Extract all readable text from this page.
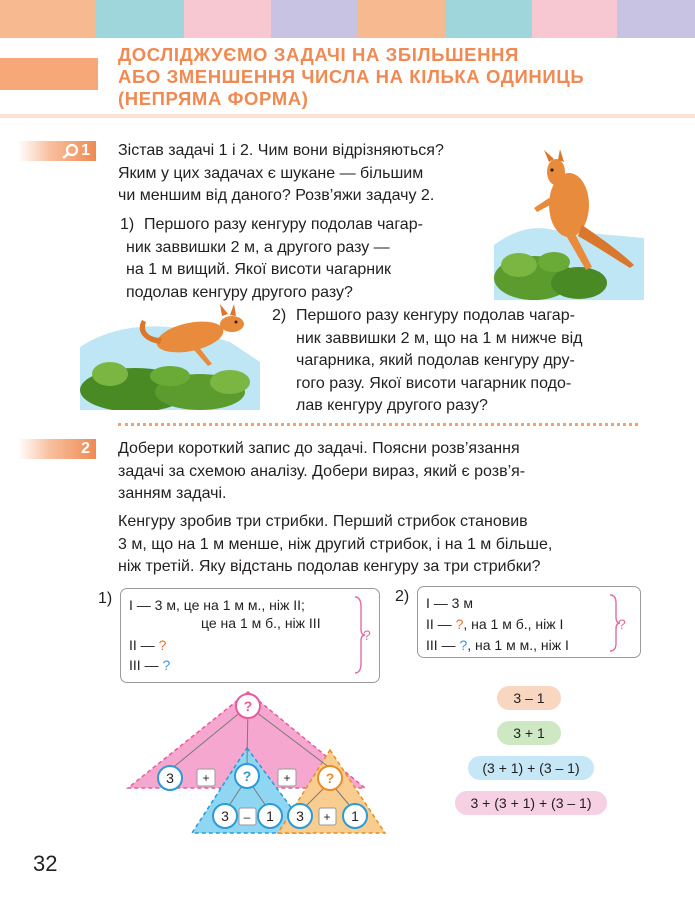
ДОСЛІДЖУЄМО ЗАДАЧІ НА ЗБІЛЬШЕННЯ
АБО ЗМЕНШЕННЯ ЧИСЛА НА КІЛЬКА ОДИНИЦЬ
(НЕПРЯМА ФОРМА)
1	Зістав задачі 1 і 2. Чим вони відрізняються?
Яким у цих задачах є шукане — більшим
чи меншим від даного? Розв’яжи задачу 2.
1) Першого разу кенгуру подолав чагар-
ник заввишки 2 м, а другого разу —
на 1 м вищий. Якої висоти чагарник
подолав кенгуру другого разу?
2) Першого разу кенгуру подолав чагар-
ник заввишки 2 м, що на 1 м нижче від
чагарника, який подолав кенгуру дру-
гого разу. Якої висоти чагарник подо-
лав кенгуру другого разу?
2	Добери короткий запис до задачі. Поясни розв’язання
задачі за схемою аналізу. Добери вираз, який є розв’я-
занням задачі.
Кенгуру зробив три стрибки. Перший стрибок становив
3 м, що на 1 м менше, ніж другий стрибок, і на 1 м більше,
ніж третій. Яку відстань подолав кенгуру за три стрибки?
1) I — 3 м, це на 1 м м., ніж II;
це на 1 м б., ніж III
II — ?
III — ?
?
2) I — 3 м
II — ?, на 1 м б., ніж I
III — ?, на 1 м м., ніж I
?
?
3 + ?	+	?
3 – 1 3 + 1
3 – 1
3 + 1
(3 + 1) + (3 – 1)
3 + (3 + 1) + (3 – 1)
32
